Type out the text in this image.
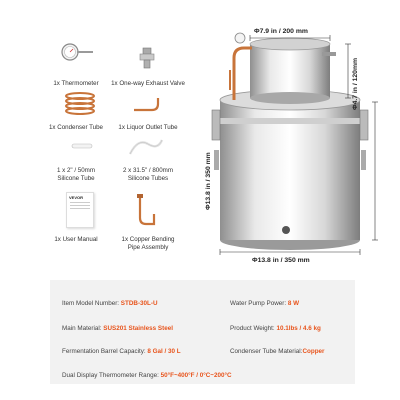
1x Thermometer	1x One-way Exhaust Valve
1x Condenser Tube	1x Liquor Outlet Tube
1 x 2" / 50mm
Silicone Tube
2 x 31.5" / 800mm
Silicone Tubes
VEVOR
1x User Manual	1x Copper Bending
Pipe Assembly
Φ7.9 in / 200 mm
Φ4.7 in / 120mm
Φ13.8 in / 350 mm
Φ13.8 in / 350 mm
Item Model Number: STDB-30L-U	Water Pump Power: 8 W
Main Material: SUS201 Stainless Steel	Product Weight: 10.1lbs / 4.6 kg
Fermentation Barrel Capacity: 8 Gal / 30 L	Condenser Tube Material:Copper
Dual Display Thermometer Range: 50°F~400°F / 0°C~200°C
